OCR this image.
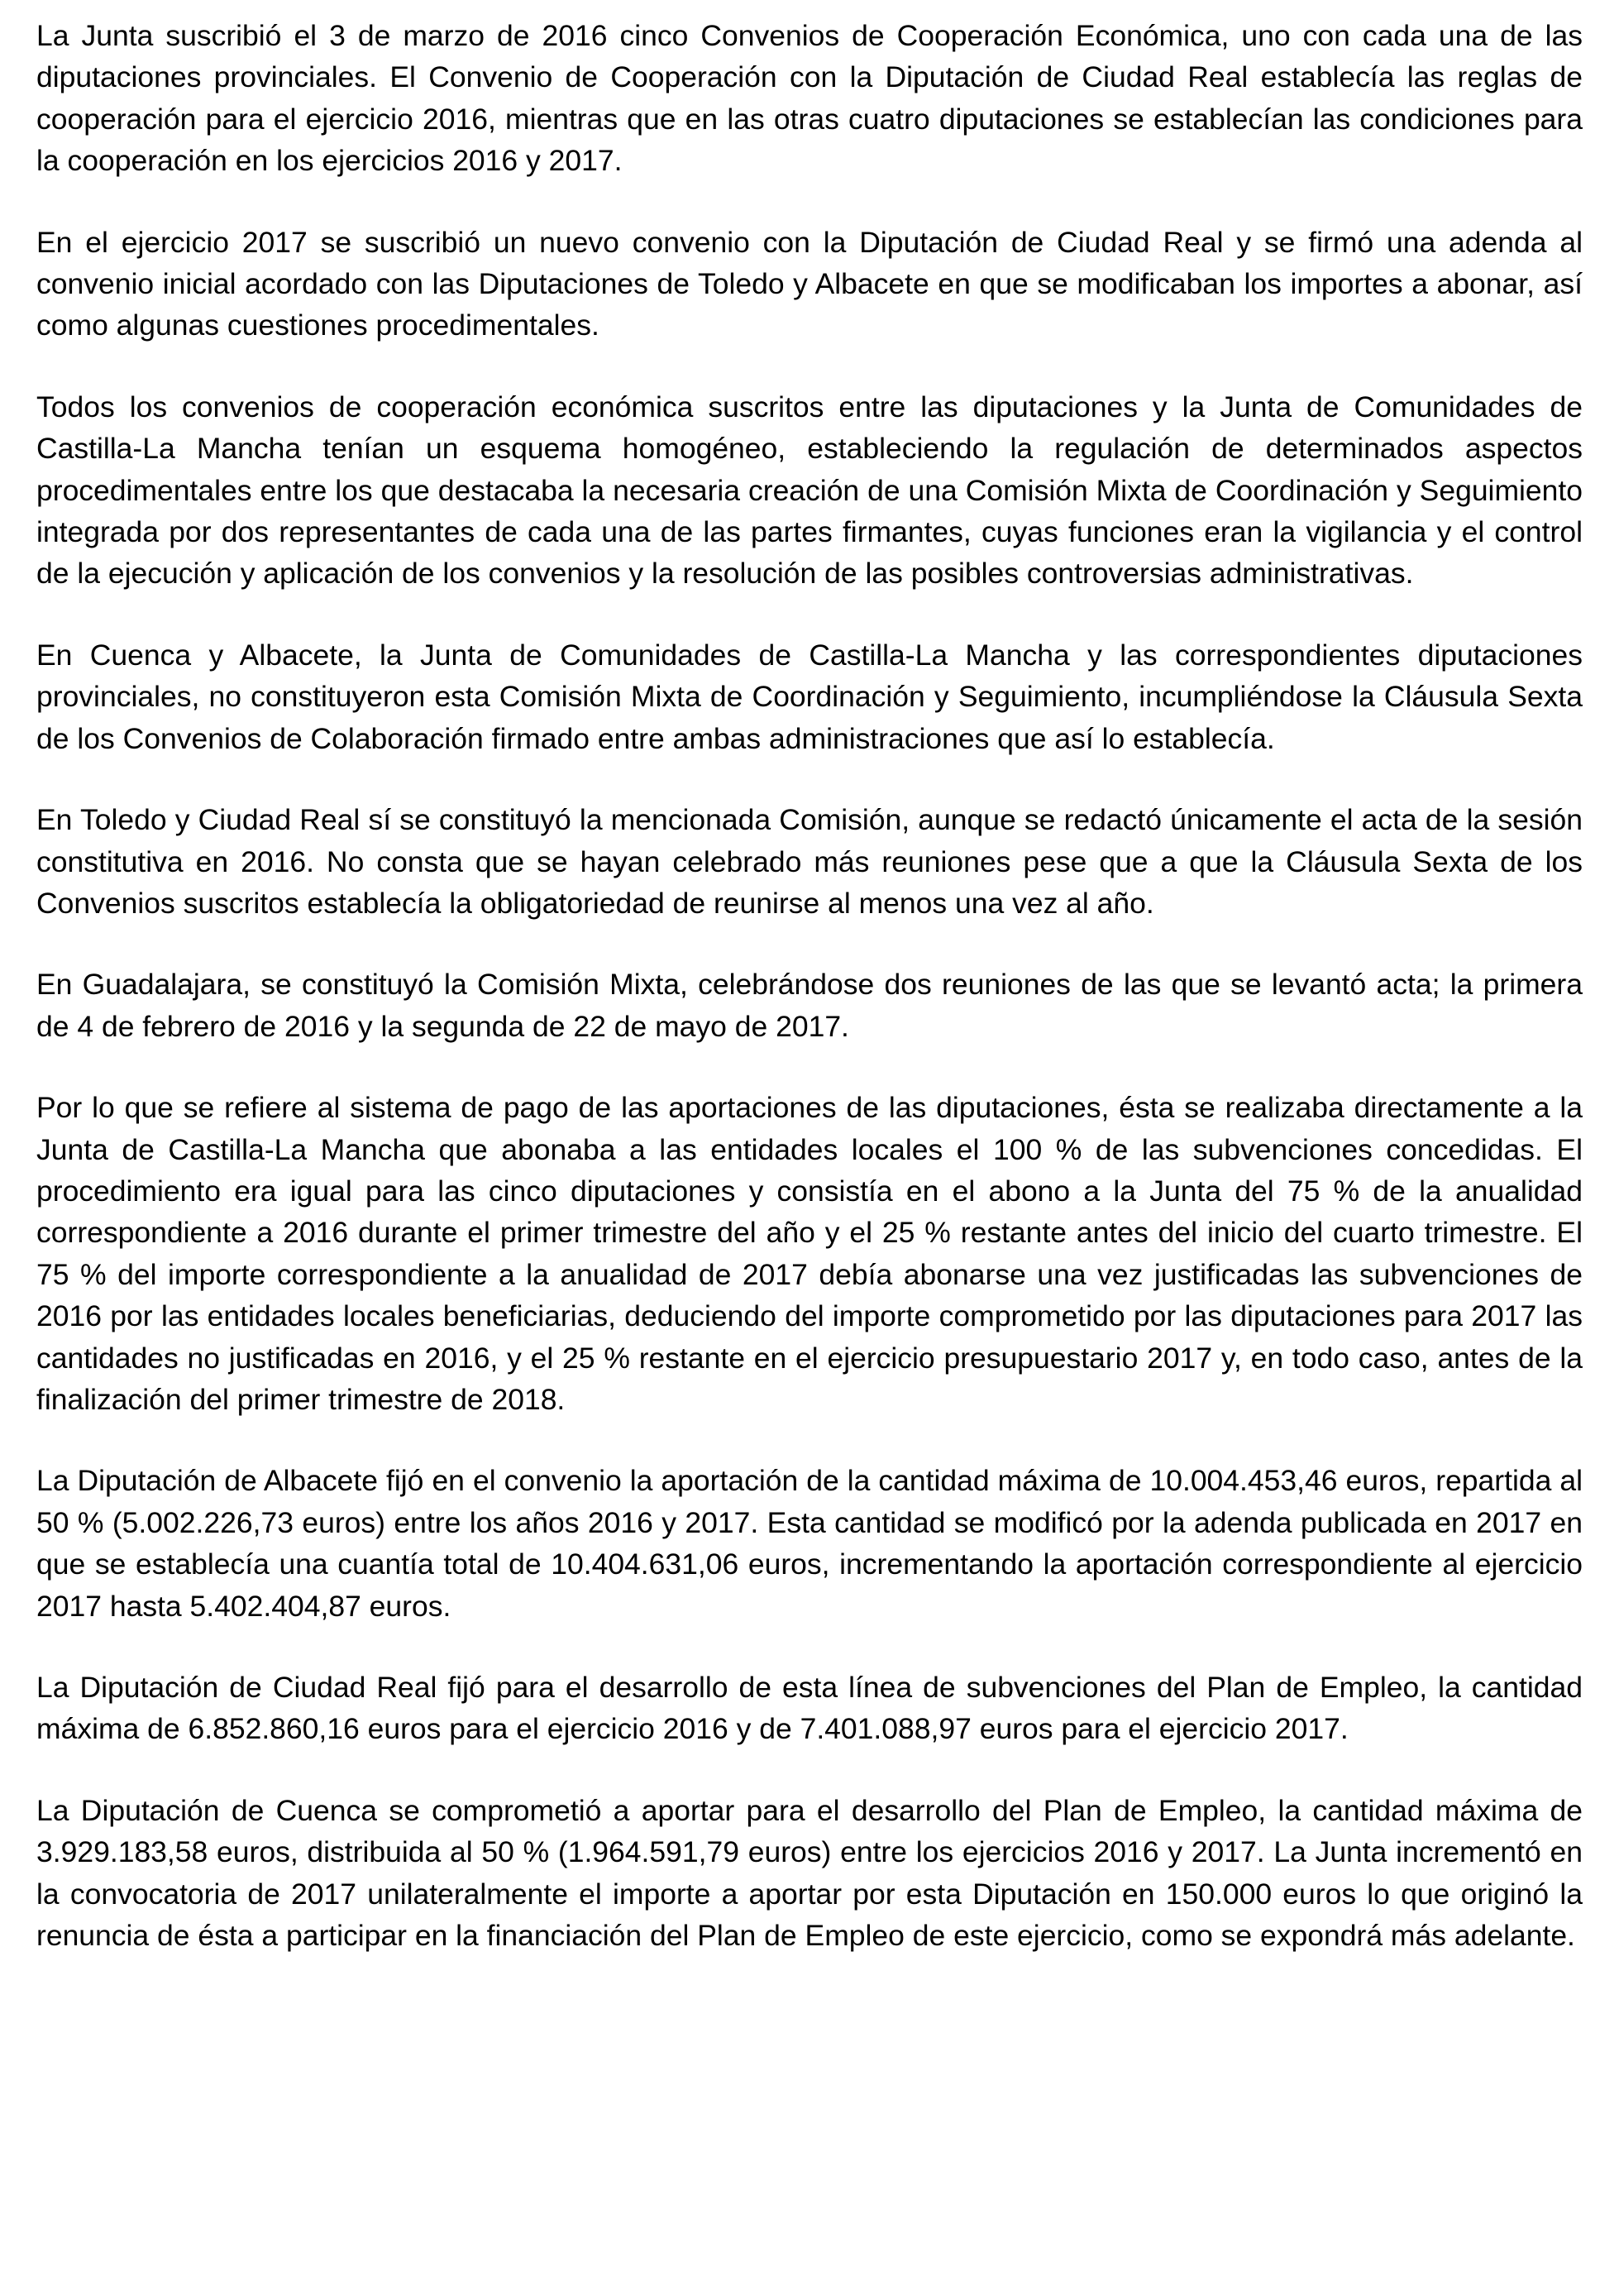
La Junta suscribió el 3 de marzo de 2016 cinco Convenios de Cooperación Económica, uno con cada una de las diputaciones provinciales. El Convenio de Cooperación con la Diputación de Ciudad Real establecía las reglas de cooperación para el ejercicio 2016, mientras que en las otras cuatro diputaciones se establecían las condiciones para la cooperación en los ejercicios 2016 y 2017.

En el ejercicio 2017 se suscribió un nuevo convenio con la Diputación de Ciudad Real y se firmó una adenda al convenio inicial acordado con las Diputaciones de Toledo y Albacete en que se modificaban los importes a abonar, así como algunas cuestiones procedimentales.

Todos los convenios de cooperación económica suscritos entre las diputaciones y la Junta de Comunidades de Castilla-La Mancha tenían un esquema homogéneo, estableciendo la regulación de determinados aspectos procedimentales entre los que destacaba la necesaria creación de una Comisión Mixta de Coordinación y Seguimiento integrada por dos representantes de cada una de las partes firmantes, cuyas funciones eran la vigilancia y el control de la ejecución y aplicación de los convenios y la resolución de las posibles controversias administrativas.

En Cuenca y Albacete, la Junta de Comunidades de Castilla-La Mancha y las correspondientes diputaciones provinciales, no constituyeron esta Comisión Mixta de Coordinación y Seguimiento, incumpliéndose la Cláusula Sexta de los Convenios de Colaboración firmado entre ambas administraciones que así lo establecía.

En Toledo y Ciudad Real sí se constituyó la mencionada Comisión, aunque se redactó únicamente el acta de la sesión constitutiva en 2016. No consta que se hayan celebrado más reuniones pese que a que la Cláusula Sexta de los Convenios suscritos establecía la obligatoriedad de reunirse al menos una vez al año.

En Guadalajara, se constituyó la Comisión Mixta, celebrándose dos reuniones de las que se levantó acta; la primera de 4 de febrero de 2016 y la segunda de 22 de mayo de 2017.

Por lo que se refiere al sistema de pago de las aportaciones de las diputaciones, ésta se realizaba directamente a la Junta de Castilla-La Mancha que abonaba a las entidades locales el 100 % de las subvenciones concedidas. El procedimiento era igual para las cinco diputaciones y consistía en el abono a la Junta del 75 % de la anualidad correspondiente a 2016 durante el primer trimestre del año y el 25 % restante antes del inicio del cuarto trimestre. El 75 % del importe correspondiente a la anualidad de 2017 debía abonarse una vez justificadas las subvenciones de 2016 por las entidades locales beneficiarias, deduciendo del importe comprometido por las diputaciones para 2017 las cantidades no justificadas en 2016, y el 25 % restante en el ejercicio presupuestario 2017 y, en todo caso, antes de la finalización del primer trimestre de 2018.

La Diputación de Albacete fijó en el convenio la aportación de la cantidad máxima de 10.004.453,46 euros, repartida al 50 % (5.002.226,73 euros) entre los años 2016 y 2017. Esta cantidad se modificó por la adenda publicada en 2017 en que se establecía una cuantía total de 10.404.631,06 euros, incrementando la aportación correspondiente al ejercicio 2017 hasta 5.402.404,87 euros.

La Diputación de Ciudad Real fijó para el desarrollo de esta línea de subvenciones del Plan de Empleo, la cantidad máxima de 6.852.860,16 euros para el ejercicio 2016 y de 7.401.088,97 euros para el ejercicio 2017.

La Diputación de Cuenca se comprometió a aportar para el desarrollo del Plan de Empleo, la cantidad máxima de 3.929.183,58 euros, distribuida al 50 % (1.964.591,79 euros) entre los ejercicios 2016 y 2017. La Junta incrementó en la convocatoria de 2017 unilateralmente el importe a aportar por esta Diputación en 150.000 euros lo que originó la renuncia de ésta a participar en la financiación del Plan de Empleo de este ejercicio, como se expondrá más adelante.
